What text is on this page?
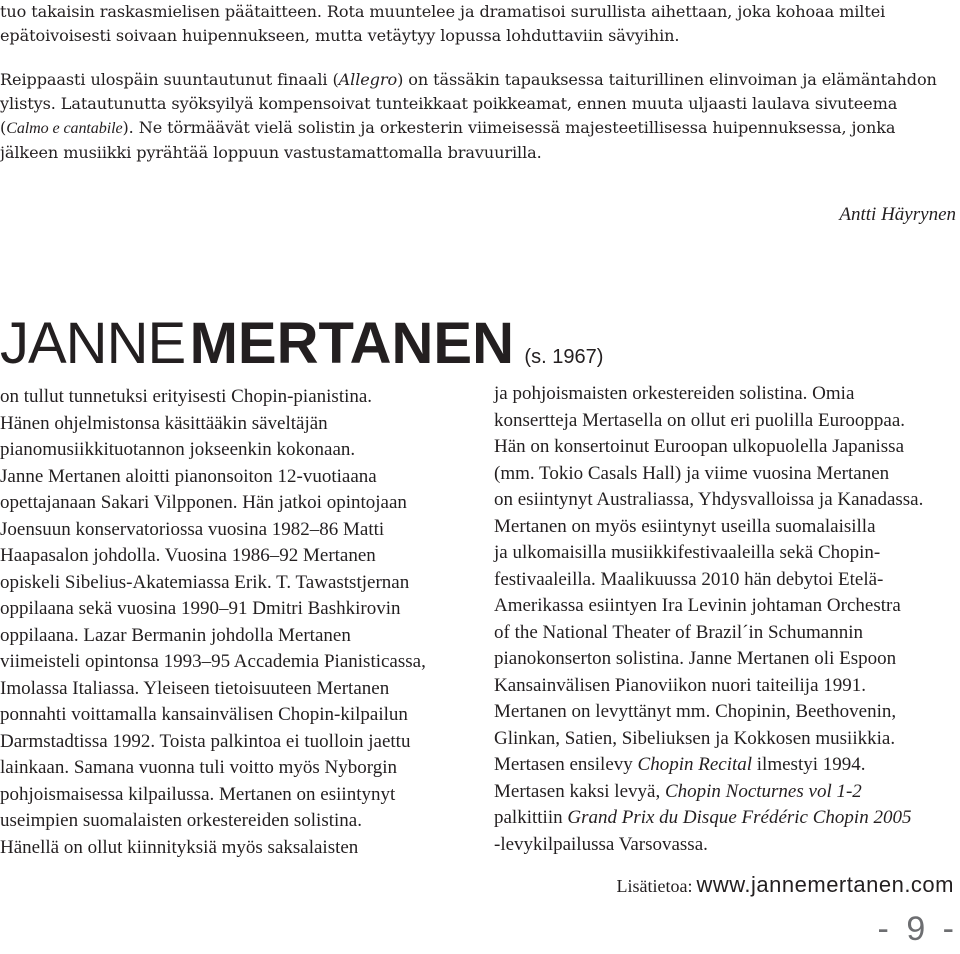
tuo takaisin raskasmielisen päätaitteen. Rota muuntelee ja dramatisoi surullista aihettaan, joka kohoaa miltei
epätoivoisesti soivaan huipennukseen, mutta vetäytyy lopussa lohduttaviin sävyihin.

Reippaasti ulospäin suuntautunut finaali (Allegro) on tässäkin tapauksessa taiturillinen elinvoiman ja elämäntahdon
ylistys. Latautunutta syöksyilyä kompensoivat tunteikkaat poikkeamat, ennen muuta uljaasti laulava sivuteema
(Calmo e cantabile). Ne törmäävät vielä solistin ja orkesterin viimeisessä majesteetillisessa huipennuksessa, jonka
jälkeen musiikki pyrähtää loppuun vastustamattomalla bravuurilla.

Antti Häyrynen
JANNE MERTANEN (s. 1967)
on tullut tunnetuksi erityisesti Chopin-pianistina.
Hänen ohjelmistonsa käsittääkin säveltäjän
pianomusiikkituotannon jokseenkin kokonaan.
Janne Mertanen aloitti pianonsoiton 12-vuotiaana
opettajanaan Sakari Vilpponen. Hän jatkoi opintojaan
Joensuun konservatoriossa vuosina 1982–86 Matti
Haapasalon johdolla. Vuosina 1986–92 Mertanen
opiskeli Sibelius-Akatemiassa Erik. T. Tawaststjernan
oppilaana sekä vuosina 1990–91 Dmitri Bashkirovin
oppilaana. Lazar Bermanin johdolla Mertanen
viimeisteli opintonsa 1993–95 Accademia Pianisticassa,
Imolassa Italiassa. Yleiseen tietoisuuteen Mertanen
ponnahti voittamalla kansainvälisen Chopin-kilpailun
Darmstadtissa 1992. Toista palkintoa ei tuolloin jaettu
lainkaan. Samana vuonna tuli voitto myös Nyborgin
pohjoismaisessa kilpailussa. Mertanen on esiintynyt
useimpien suomalaisten orkestereiden solistina.
Hänellä on ollut kiinnityksiä myös saksalaisten
ja pohjoismaisten orkestereiden solistina. Omia
konsertteja Mertasella on ollut eri puolilla Eurooppaa.
Hän on konsertoinut Euroopan ulkopuolella Japanissa
(mm. Tokio Casals Hall) ja viime vuosina Mertanen
on esiintynyt Australiassa, Yhdysvalloissa ja Kanadassa.
Mertanen on myös esiintynyt useilla suomalaisilla
ja ulkomaisilla musiikkifestivaaleilla sekä Chopin-
festivaaleilla. Maalikuussa 2010 hän debytoi Etelä-
Amerikassa esiintyen Ira Levinin johtaman Orchestra
of the National Theater of Brazil´in Schumannin
pianokonserton solistina. Janne Mertanen oli Espoon
Kansainvälisen Pianoviikon nuori taiteilija 1991.
Mertanen on levyttänyt mm. Chopinin, Beethovenin,
Glinkan, Satien, Sibeliuksen ja Kokkosen musiikkia.
Mertasen ensilevy Chopin Recital ilmestyi 1994.
Mertasen kaksi levyä, Chopin Nocturnes vol 1-2
palkittiin Grand Prix du Disque Frédéric Chopin 2005
-levykilpailussa Varsovassa.
Lisätietoa: www.jannemertanen.com
- 9 -
